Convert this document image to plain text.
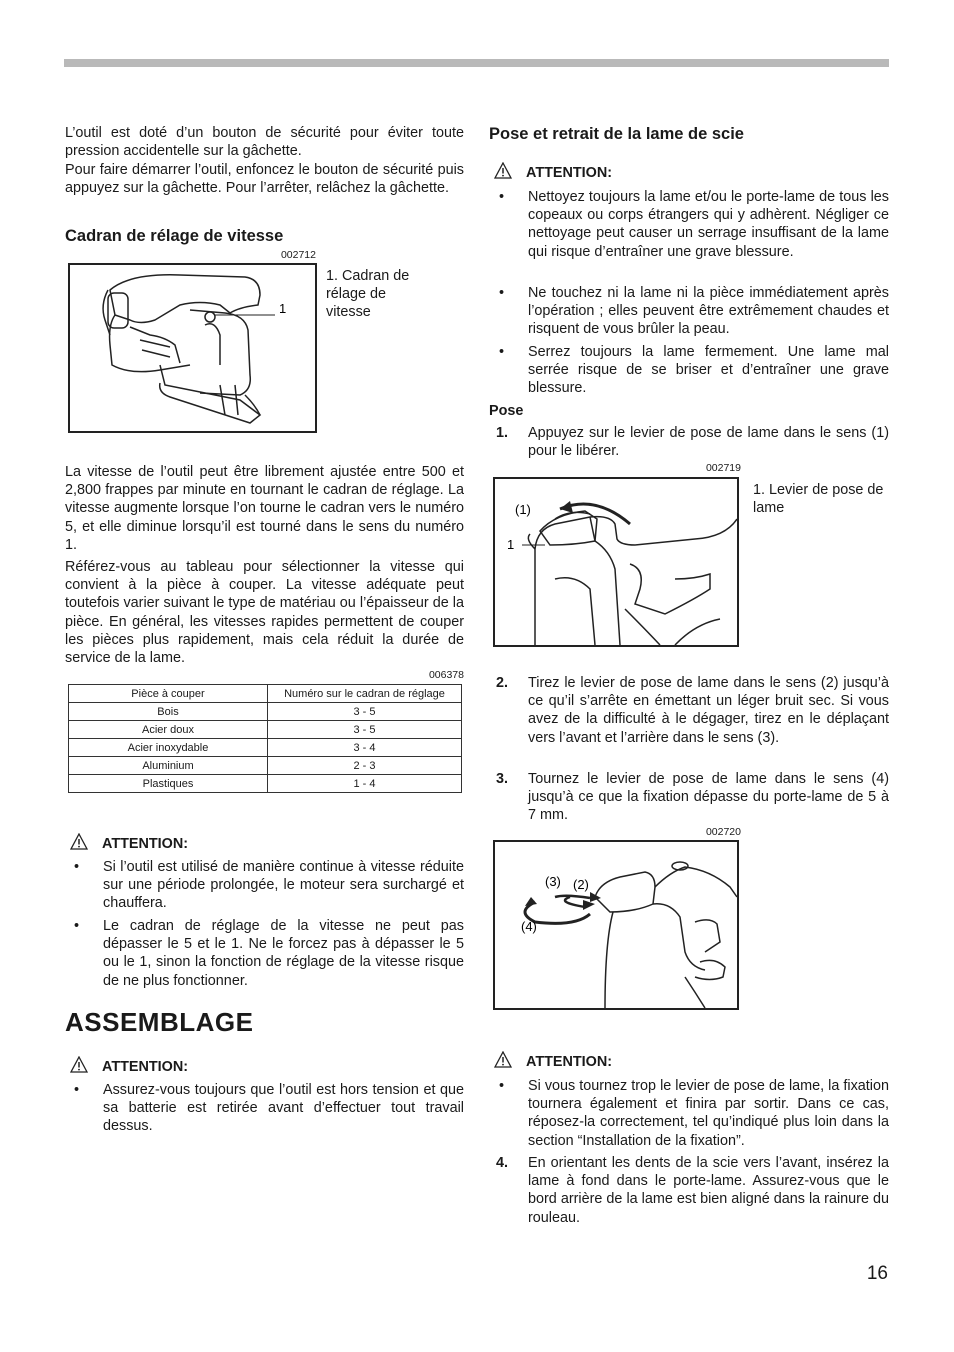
L’outil est doté d’un bouton de sécurité pour éviter toute pression accidentelle sur la gâchette.
Pour faire démarrer l’outil, enfoncez le bouton de sécurité puis appuyez sur la gâchette. Pour l’arrêter, relâchez la gâchette.
Cadran de rélage de vitesse
002712
1
1. Cadran de rélage de vitesse
La vitesse de l’outil peut être librement ajustée entre 500 et 2,800 frappes par minute en tournant le cadran de réglage. La vitesse augmente lorsque l’on tourne le cadran vers le numéro 5, et elle diminue lorsqu’il est tourné dans le sens du numéro 1.
Référez-vous au tableau pour sélectionner la vitesse qui convient à la pièce à couper. La vitesse adéquate peut toutefois varier suivant le type de matériau ou l’épaisseur de la pièce. En général, les vitesses rapides permettent de couper les pièces plus rapidement, mais cela réduit la durée de service de la lame.
006378
Pièce à couper	Numéro sur le cadran de réglage
Bois	3 - 5
Acier doux	3 - 5
Acier inoxydable	3 - 4
Aluminium	2 - 3
Plastiques	1 - 4
ATTENTION:
• Si l’outil est utilisé de manière continue à vitesse réduite sur une période prolongée, le moteur sera surchargé et chauffera.
• Le cadran de réglage de la vitesse ne peut pas dépasser le 5 et le 1. Ne le forcez pas à dépasser le 5 ou le 1, sinon la fonction de réglage de la vitesse risque de ne plus fonctionner.
ASSEMBLAGE
ATTENTION:
• Assurez-vous toujours que l’outil est hors tension et que sa batterie est retirée avant d’effectuer tout travail dessus.
Pose et retrait de la lame de scie
ATTENTION:
• Nettoyez toujours la lame et/ou le porte-lame de tous les copeaux ou corps étrangers qui y adhèrent. Négliger ce nettoyage peut causer un serrage insuffisant de la lame qui risque d’entraîner une grave blessure.
• Ne touchez ni la lame ni la pièce immédiatement après l’opération ; elles peuvent être extrêmement chaudes et risquent de vous brûler la peau.
• Serrez toujours la lame fermement. Une lame mal serrée risque de se briser et d’entraîner une grave blessure.
Pose
1. Appuyez sur le levier de pose de lame dans le sens (1) pour le libérer.
002719
(1)
1
1. Levier de pose de lame
2. Tirez le levier de pose de lame dans le sens (2) jusqu’à ce qu’il s’arrête en émettant un léger bruit sec. Si vous avez de la difficulté à le dégager, tirez en le déplaçant vers l’avant et l’arrière dans le sens (3).
3. Tournez le levier de pose de lame dans le sens (4) jusqu’à ce que la fixation dépasse du porte-lame de 5 à 7 mm.
002720
(3) (2)
(4)
ATTENTION:
• Si vous tournez trop le levier de pose de lame, la fixation tournera également et finira par sortir. Dans ce cas, réposez-la correctement, tel qu’indiqué plus loin dans la section “Installation de la fixation”.
4. En orientant les dents de la scie vers l’avant, insérez la lame à fond dans le porte-lame. Assurez-vous que le bord arrière de la lame est bien aligné dans la rainure du rouleau.
16
